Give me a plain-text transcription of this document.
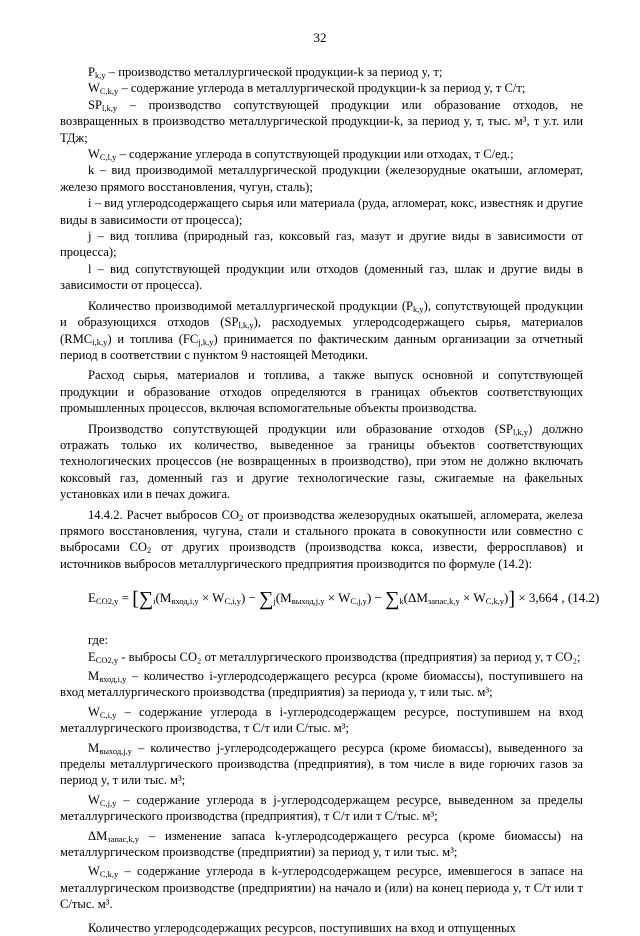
32

$P_{k,y}$ – производство металлургической продукции-k за период y, т;

$W_{C,k,y}$ – содержание углерода в металлургической продукции-k за период y, т С/т;

$SP_{l,k,y}$ – производство сопутствующей продукции или образование отходов, не возвращенных в производство металлургической продукции-k, за период y, т, тыс. м³, т у.т. или ТДж;

$W_{C,l,y}$ – содержание углерода в сопутствующей продукции или отходах, т С/ед.;

k – вид производимой металлургической продукции (железорудные окатыши, агломерат, железо прямого восстановления, чугун, сталь);

i – вид углеродсодержащего сырья или материала (руда, агломерат, кокс, известняк и другие виды в зависимости от процесса);

j – вид топлива (природный газ, коксовый газ, мазут и другие виды в зависимости от процесса);

l – вид сопутствующей продукции или отходов (доменный газ, шлак и другие виды в зависимости от процесса).

Количество производимой металлургической продукции $(P_{k,y})$, сопутствующей продукции и образующихся отходов $(SP_{l,k,y})$, расходуемых углеродсодержащего сырья, материалов $(RMC_{i,k,y})$ и топлива $(FC_{j,k,y})$ принимается по фактическим данным организации за отчетный период в соответствии с пунктом 9 настоящей Методики.

Расход сырья, материалов и топлива, а также выпуск основной и сопутствующей продукции и образование отходов определяются в границах объектов соответствующих промышленных процессов, включая вспомогательные объекты производства.

Производство сопутствующей продукции или образование отходов $(SP_{l,k,y})$ должно отражать только их количество, выведенное за границы объектов соответствующих технологических процессов (не возвращенных в производство), при этом не должно включать коксовый газ, доменный газ и другие технологические газы, сжигаемые на факельных установках или в печах дожига.

14.4.2. Расчет выбросов $CO_2$ от производства железорудных окатышей, агломерата, железа прямого восстановления, чугуна, стали и стального проката в совокупности или совместно с выбросами $CO_2$ от других производств (производства кокса, извести, ферросплавов) и источников выбросов металлургического предприятия производится по формуле (14.2):

$E_{CO2,y} = [\sum_i(M_{вход,i,y} \times W_{C,i,y}) - \sum_j(M_{выход,j,y} \times W_{C,j,y}) - \sum_k(\Delta M_{запас,k,y} \times W_{C,k,y})] \times 3,664$ , (14.2)

где:

$E_{CO2,y}$ - выбросы CO₂ от металлургического производства (предприятия) за период y, т CO₂;

$M_{вход,i,y}$ – количество i-углеродсодержащего ресурса (кроме биомассы), поступившего на вход металлургического производства (предприятия) за периода y, т или тыс. м³;

$W_{C,i,y}$ – содержание углерода в i-углеродсодержащем ресурсе, поступившем на вход металлургического производства, т С/т или С/тыс. м³;

$M_{выход,j,y}$ – количество j-углеродсодержащего ресурса (кроме биомассы), выведенного за пределы металлургического производства (предприятия), в том числе в виде горючих газов за период y, т или тыс. м³;

$W_{C,j,y}$ – содержание углерода в j-углеродсодержащем ресурсе, выведенном за пределы металлургического производства (предприятия), т С/т или т С/тыс. м³;

$\Delta M_{запас,k,y}$ – изменение запаса k-углеродсодержащего ресурса (кроме биомассы) на металлургическом производстве (предприятии) за период y, т или тыс. м³;

$W_{C,k,y}$ – содержание углерода в k-углеродсодержащем ресурсе, имевшегося в запасе на металлургическом производстве (предприятии) на начало и (или) на конец периода y, т С/т или т С/тыс. м³.

Количество углеродсодержащих ресурсов, поступивших на вход и отпущенных
